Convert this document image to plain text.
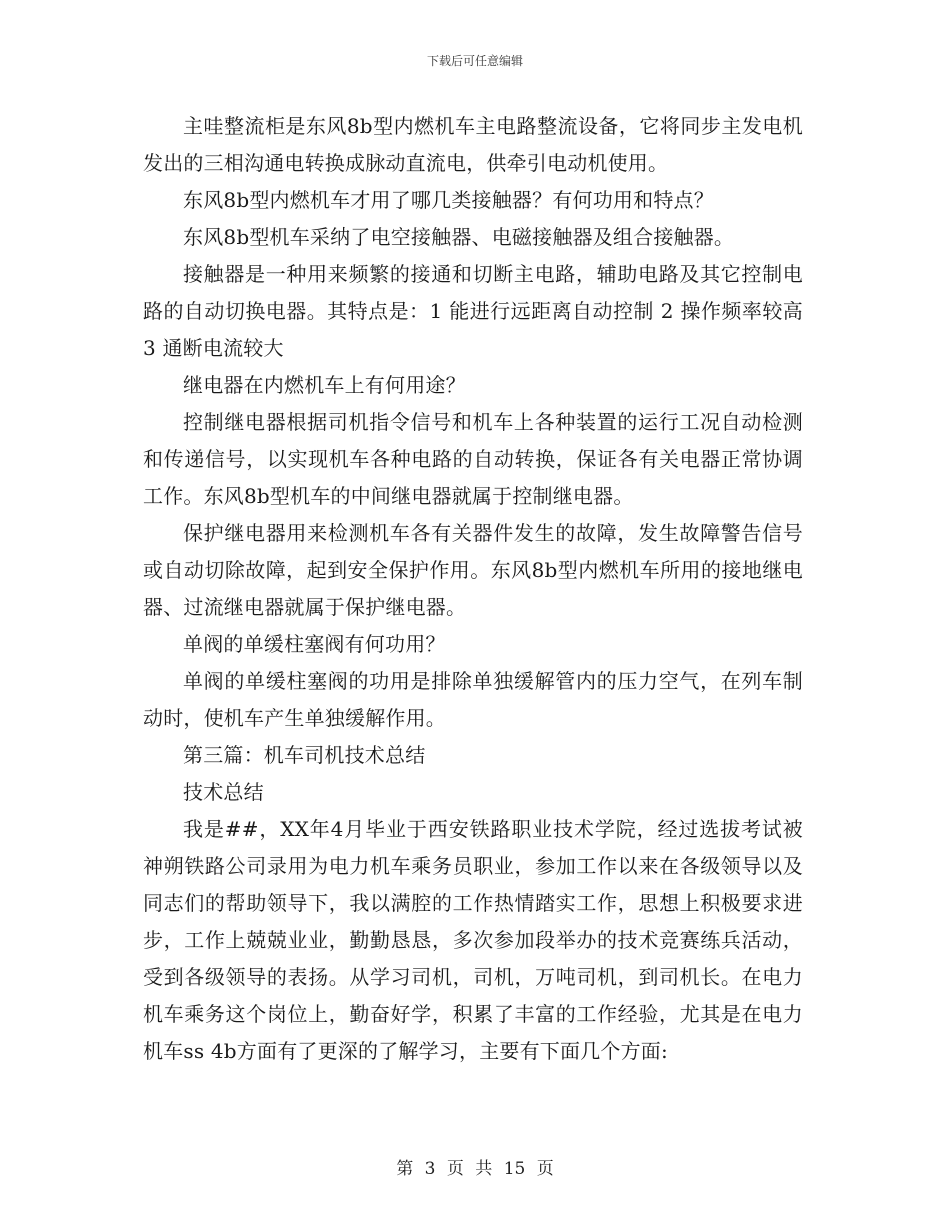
下载后可任意编辑

主哇整流柜是东风8b型内燃机车主电路整流设备，它将同步主发电机发出的三相沟通电转换成脉动直流电，供牵引电动机使用。

东风8b型内燃机车才用了哪几类接触器？有何功用和特点？

东风8b型机车采纳了电空接触器、电磁接触器及组合接触器。

接触器是一种用来频繁的接通和切断主电路，辅助电路及其它控制电路的自动切换电器。其特点是：1 能进行远距离自动控制 2 操作频率较高 3 通断电流较大

继电器在内燃机车上有何用途？

控制继电器根据司机指令信号和机车上各种装置的运行工况自动检测和传递信号，以实现机车各种电路的自动转换，保证各有关电器正常协调工作。东风8b型机车的中间继电器就属于控制继电器。

保护继电器用来检测机车各有关器件发生的故障，发生故障警告信号或自动切除故障，起到安全保护作用。东风8b型内燃机车所用的接地继电器、过流继电器就属于保护继电器。

单阀的单缓柱塞阀有何功用？

单阀的单缓柱塞阀的功用是排除单独缓解管内的压力空气，在列车制动时，使机车产生单独缓解作用。

第三篇：机车司机技术总结

技术总结

我是##，XX年4月毕业于西安铁路职业技术学院，经过选拔考试被神朔铁路公司录用为电力机车乘务员职业，参加工作以来在各级领导以及同志们的帮助领导下，我以满腔的工作热情踏实工作，思想上积极要求进步，工作上兢兢业业，勤勤恳恳，多次参加段举办的技术竞赛练兵活动，受到各级领导的表扬。从学习司机，司机，万吨司机，到司机长。在电力机车乘务这个岗位上，勤奋好学，积累了丰富的工作经验，尤其是在电力机车ss 4b方面有了更深的了解学习，主要有下面几个方面:

第 3 页 共 15 页
